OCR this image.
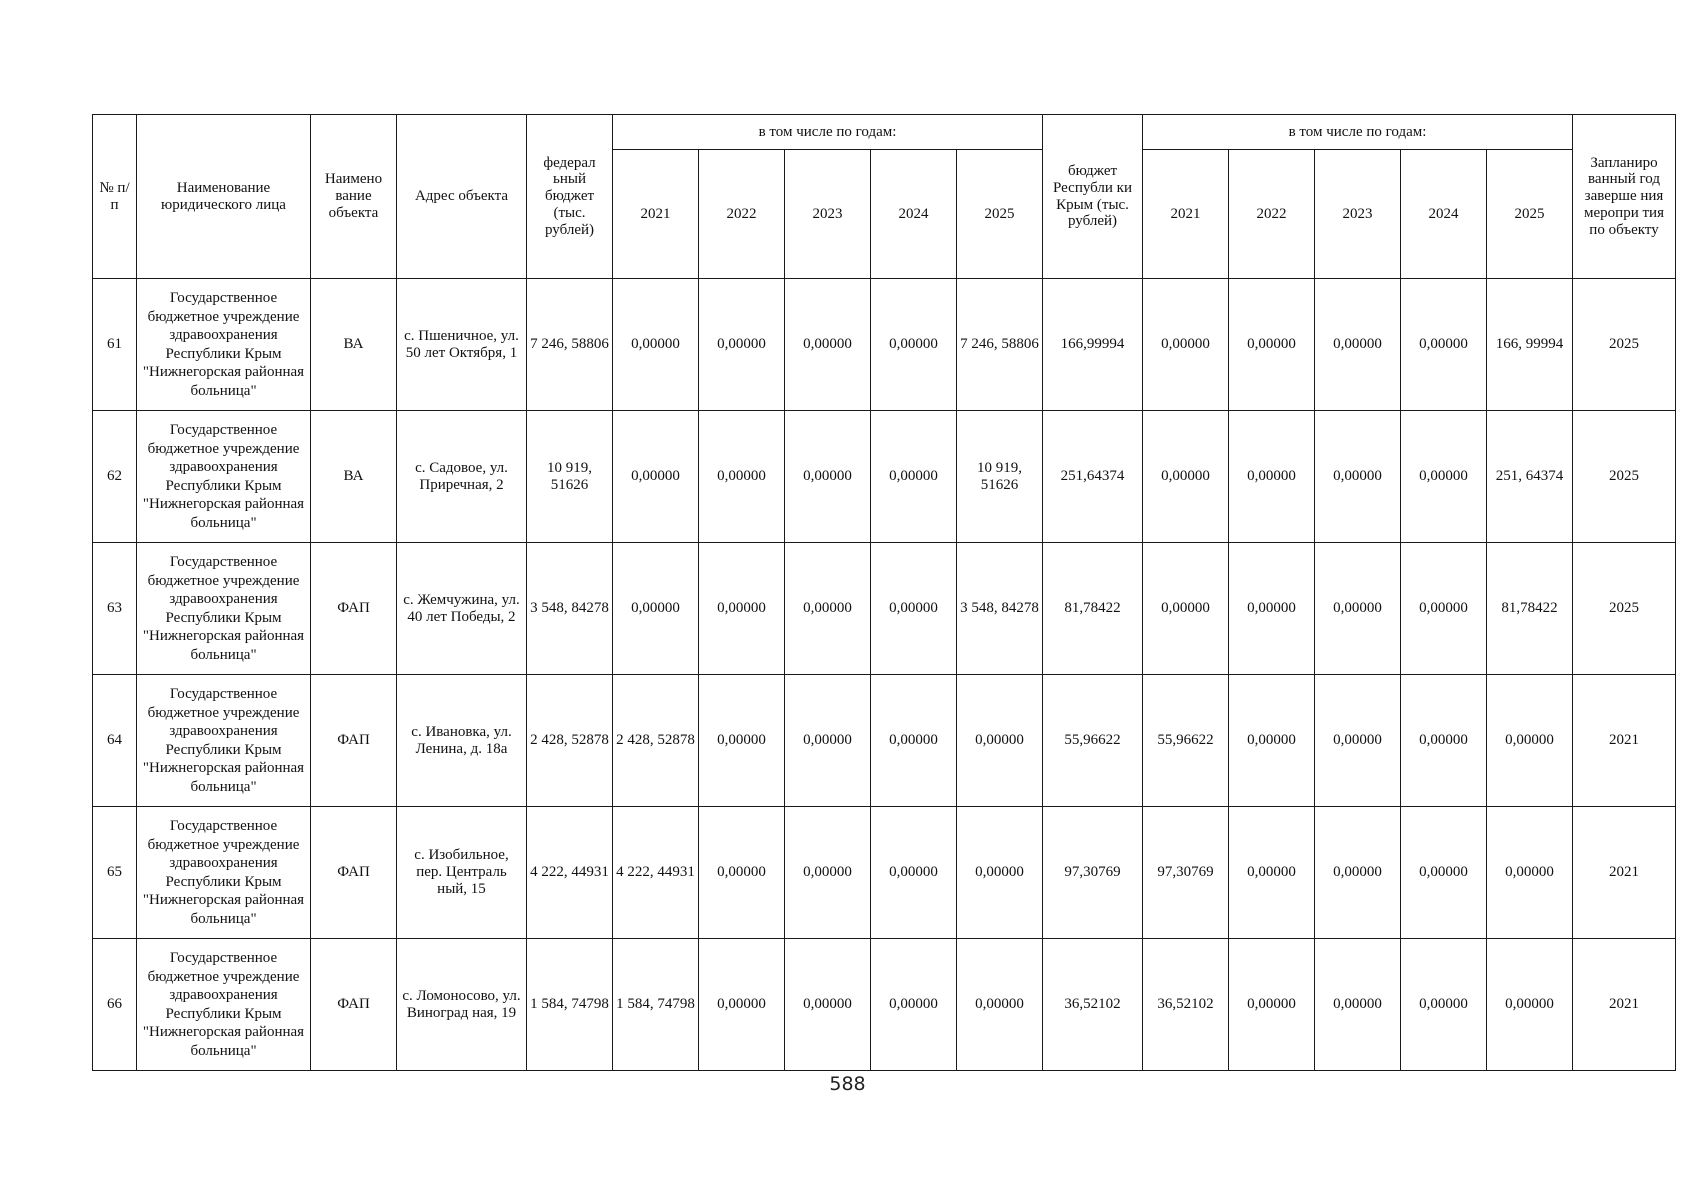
№ п/п	Наименование юридического лица	Наимено вание объекта	Адрес объекта	федерал ьный бюджет (тыс. рублей)	в том числе по годам:					бюджет Республи ки Крым (тыс. рублей)	в том числе по годам:					Запланиро ванный год заверше ния меропри тия по объекту
					2021	2022	2023	2024	2025		2021	2022	2023	2024	2025	
61	Государственное бюджетное учреждение здравоохранения Республики Крым "Нижнегорская районная больница"	ВА	с. Пшеничное, ул. 50 лет Октября, 1	7 246, 58806	0,00000	0,00000	0,00000	0,00000	7 246, 58806	166,99994	0,00000	0,00000	0,00000	0,00000	166, 99994	2025
62	Государственное бюджетное учреждение здравоохранения Республики Крым "Нижнегорская районная больница"	ВА	с. Садовое, ул. Приречная, 2	10 919, 51626	0,00000	0,00000	0,00000	0,00000	10 919, 51626	251,64374	0,00000	0,00000	0,00000	0,00000	251, 64374	2025
63	Государственное бюджетное учреждение здравоохранения Республики Крым "Нижнегорская районная больница"	ФАП	с. Жемчужина, ул. 40 лет Победы, 2	3 548, 84278	0,00000	0,00000	0,00000	0,00000	3 548, 84278	81,78422	0,00000	0,00000	0,00000	0,00000	81,78422	2025
64	Государственное бюджетное учреждение здравоохранения Республики Крым "Нижнегорская районная больница"	ФАП	с. Ивановка, ул. Ленина, д. 18а	2 428, 52878	2 428, 52878	0,00000	0,00000	0,00000	0,00000	55,96622	55,96622	0,00000	0,00000	0,00000	0,00000	2021
65	Государственное бюджетное учреждение здравоохранения Республики Крым "Нижнегорская районная больница"	ФАП	с. Изобильное, пер. Централь ный, 15	4 222, 44931	4 222, 44931	0,00000	0,00000	0,00000	0,00000	97,30769	97,30769	0,00000	0,00000	0,00000	0,00000	2021
66	Государственное бюджетное учреждение здравоохранения Республики Крым "Нижнегорская районная больница"	ФАП	с. Ломоносово, ул. Виноград ная, 19	1 584, 74798	1 584, 74798	0,00000	0,00000	0,00000	0,00000	36,52102	36,52102	0,00000	0,00000	0,00000	0,00000	2021
588
